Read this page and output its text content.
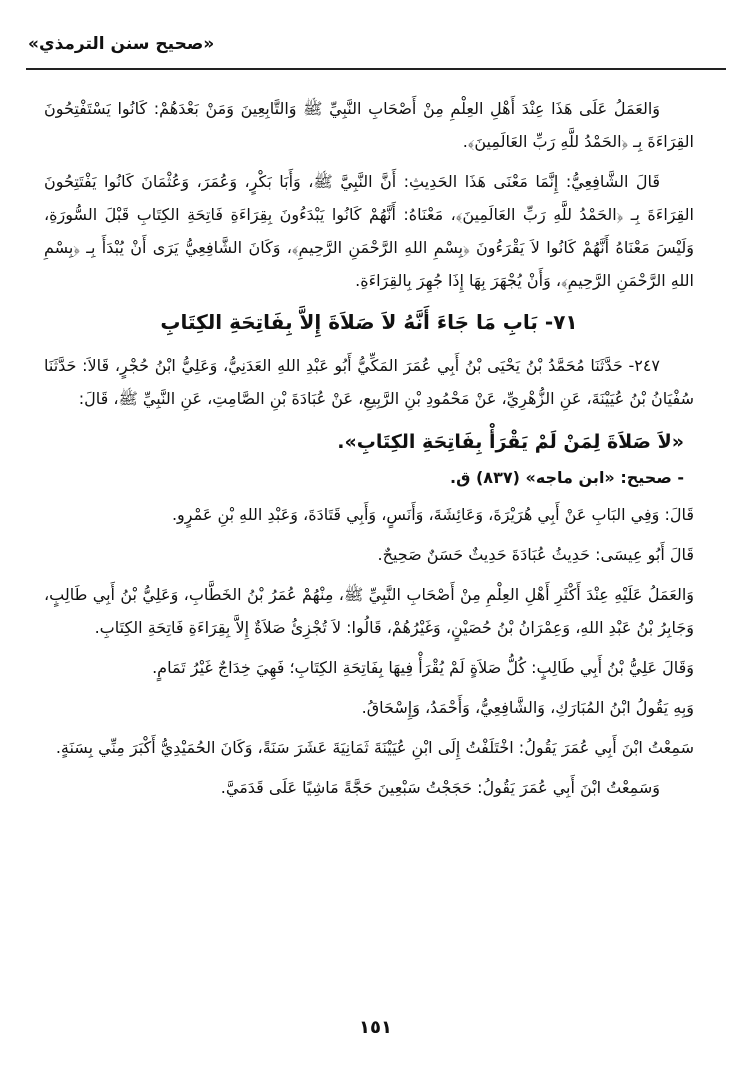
«صحيح سنن الترمذي»

وَالعَمَلُ عَلَى هَذَا عِنْدَ أَهْلِ العِلْمِ مِنْ أَصْحَابِ النَّبِيِّ ﷺ وَالتَّابِعِينَ وَمَنْ بَعْدَهُمْ: كَانُوا يَسْتَفْتِحُونَ القِرَاءَةَ بِـ ﴿الحَمْدُ للَّهِ رَبِّ العَالَمِينَ﴾.

قَالَ الشَّافِعِيُّ: إِنَّمَا مَعْنَى هَذَا الحَدِيثِ: أَنَّ النَّبِيَّ ﷺ، وَأَبَا بَكْرٍ، وَعُمَرَ، وَعُثْمَانَ كَانُوا يَفْتَتِحُونَ القِرَاءَةَ بِـ ﴿الحَمْدُ للَّهِ رَبِّ العَالَمِينَ﴾، مَعْنَاهُ: أَنَّهُمْ كَانُوا يَبْدَءُونَ بِقِرَاءَةِ فَاتِحَةِ الكِتَابِ قَبْلَ السُّورَةِ، وَلَيْسَ مَعْنَاهُ أَنَّهُمْ كَانُوا لاَ يَقْرَءُونَ ﴿بِسْمِ اللهِ الرَّحْمَنِ الرَّحِيمِ﴾، وَكَانَ الشَّافِعِيُّ يَرَى أَنْ يُبْدَأَ بِـ ﴿بِسْمِ اللهِ الرَّحْمَنِ الرَّحِيمِ﴾، وَأَنْ يُجْهَرَ بِهَا إِذَا جُهِرَ بِالقِرَاءَةِ.

٧١- بَابِ مَا جَاءَ أَنَّهُ لاَ صَلاَةَ إِلاَّ بِفَاتِحَةِ الكِتَابِ

٢٤٧- حَدَّثَنَا مُحَمَّدُ بْنُ يَحْيَى بْنُ أَبِي عُمَرَ المَكِّيُّ أَبُو عَبْدِ اللهِ العَدَنِيُّ، وَعَلِيُّ ابْنُ حُجْرٍ، قَالاَ: حَدَّثَنَا سُفْيَانُ بْنُ عُيَيْنَةَ، عَنِ الزُّهْرِيِّ، عَنْ مَحْمُودِ بْنِ الرَّبِيعِ، عَنْ عُبَادَةَ بْنِ الصَّامِتِ، عَنِ النَّبِيِّ ﷺ، قَالَ:

«لاَ صَلاَةَ لِمَنْ لَمْ يَقْرَأْ بِفَاتِحَةِ الكِتَابِ».

- صحيح: «ابن ماجه» (٨٣٧) ق.

قَالَ: وَفِي البَابِ عَنْ أَبِي هُرَيْرَةَ، وَعَائِشَةَ، وَأَنَسٍ، وَأَبِي قَتَادَةَ، وَعَبْدِ اللهِ بْنِ عَمْرٍو.

قَالَ أَبُو عِيسَى: حَدِيثُ عُبَادَةَ حَدِيثٌ حَسَنٌ صَحِيحٌ.

وَالعَمَلُ عَلَيْهِ عِنْدَ أَكْثَرِ أَهْلِ العِلْمِ مِنْ أَصْحَابِ النَّبِيِّ ﷺ، مِنْهُمْ عُمَرُ بْنُ الخَطَّابِ، وَعَلِيُّ بْنُ أَبِي طَالِبٍ، وَجَابِرُ بْنُ عَبْدِ اللهِ، وَعِمْرَانُ بْنُ حُصَيْنٍ، وَغَيْرُهُمْ، قَالُوا: لاَ تُجْزِئُ صَلاَةٌ إِلاَّ بِقِرَاءَةِ فَاتِحَةِ الكِتَابِ.

وَقَالَ عَلِيُّ بْنُ أَبِي طَالِبٍ: كُلُّ صَلاَةٍ لَمْ يُقْرَأْ فِيهَا بِفَاتِحَةِ الكِتَابِ؛ فَهِيَ خِدَاجٌ غَيْرُ تَمَامٍ.

وَبِهِ يَقُولُ ابْنُ المُبَارَكِ، وَالشَّافِعِيُّ، وَأَحْمَدُ، وَإِسْحَاقُ.

سَمِعْتُ ابْنَ أَبِي عُمَرَ يَقُولُ: اخْتَلَفْتُ إِلَى ابْنِ عُيَيْنَةَ ثَمَانِيَةَ عَشَرَ سَنَةً، وَكَانَ الحُمَيْدِيُّ أَكْبَرَ مِنِّي بِسَنَةٍ.

وَسَمِعْتُ ابْنَ أَبِي عُمَرَ يَقُولُ: حَجَجْتُ سَبْعِينَ حَجَّةً مَاشِيًا عَلَى قَدَمَيَّ.

١٥١
